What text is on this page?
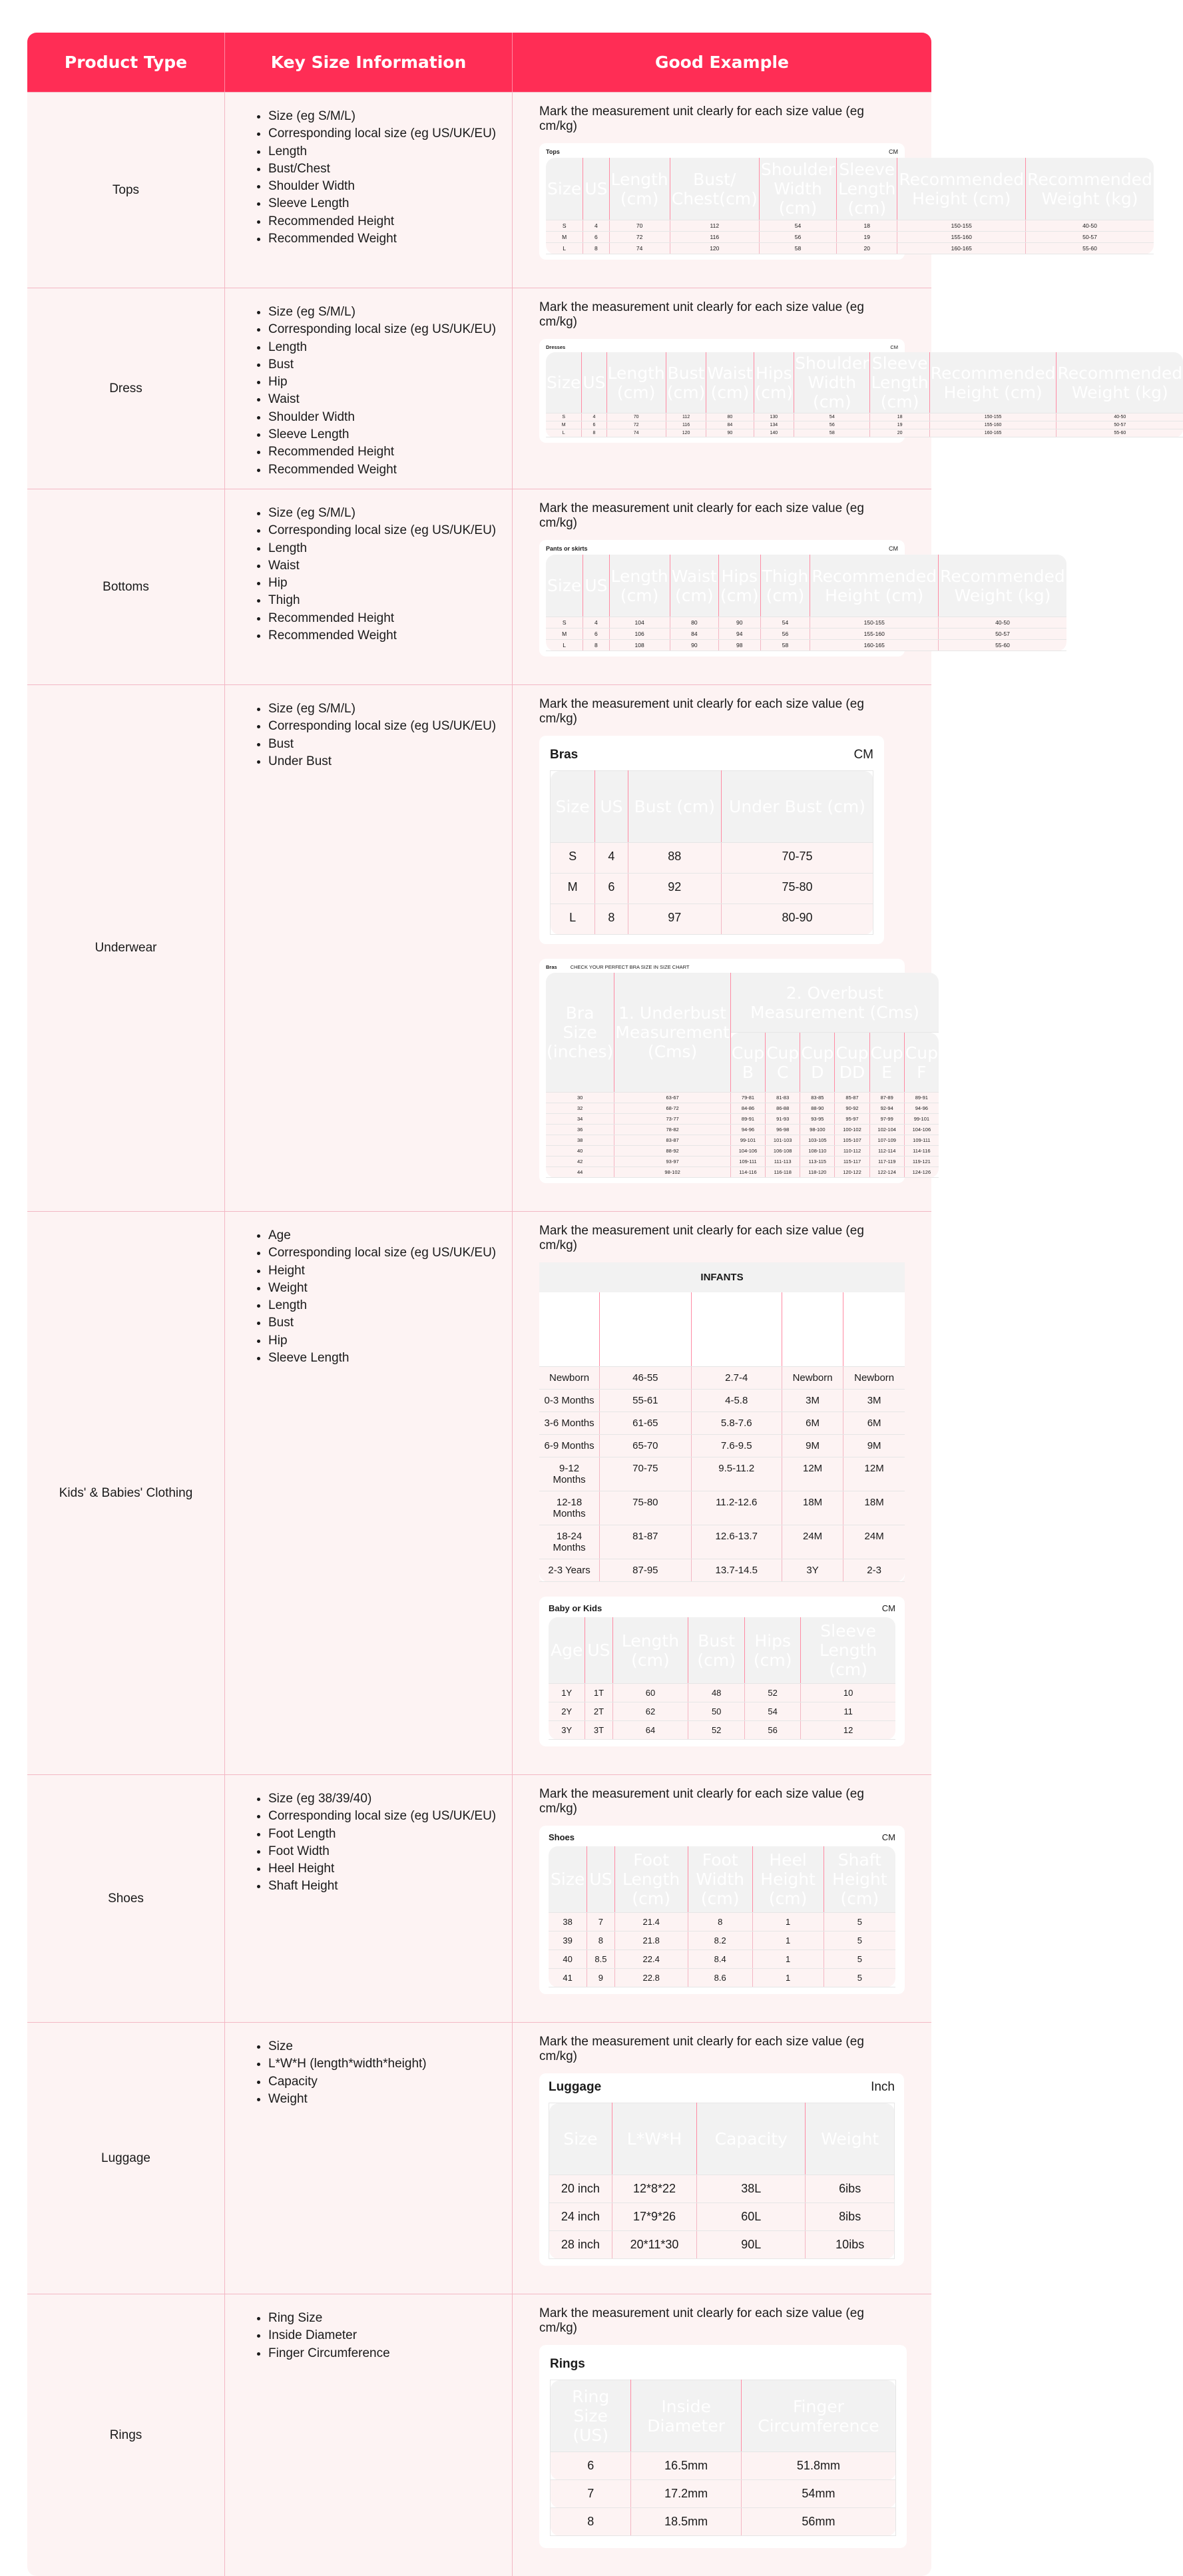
Product Type	Key Size Information	Good Example
Tops	
• Size (eg S/M/L)
• Corresponding local size (eg US/UK/EU)
• Length
• Bust/Chest
• Shoulder Width
• Sleeve Length
• Recommended Height
• Recommended Weight

Mark the measurement unit clearly for each size value (eg cm/kg)

Tops	CM
Size	US	Length (cm)	Bust/ Chest(cm)	Shoulder Width (cm)	Sleeve Length (cm)	Recommended Height (cm)	Recommended Weight (kg)
S	4	70	112	54	18	150-155	40-50
M	6	72	116	56	19	155-160	50-57
L	8	74	120	58	20	160-165	55-60

Dress	
• Size (eg S/M/L)
• Corresponding local size (eg US/UK/EU)
• Length
• Bust
• Hip
• Waist
• Shoulder Width
• Sleeve Length
• Recommended Height
• Recommended Weight

Mark the measurement unit clearly for each size value (eg cm/kg)

Dresses	CM
Size	US	Length (cm)	Bust (cm)	Waist (cm)	Hips (cm)	Shoulder Width (cm)	Sleeve Length (cm)	Recommended Height (cm)	Recommended Weight (kg)
S	4	70	112	80	130	54	18	150-155	40-50
M	6	72	116	84	134	56	19	155-160	50-57
L	8	74	120	90	140	58	20	160-165	55-60

Bottoms	
• Size (eg S/M/L)
• Corresponding local size (eg US/UK/EU)
• Length
• Waist
• Hip
• Thigh
• Recommended Height
• Recommended Weight

Mark the measurement unit clearly for each size value (eg cm/kg)

Pants or skirts	CM
Size	US	Length (cm)	Waist (cm)	Hips (cm)	Thigh (cm)	Recommended Height (cm)	Recommended Weight (kg)
S	4	104	80	90	54	150-155	40-50
M	6	106	84	94	56	155-160	50-57
L	8	108	90	98	58	160-165	55-60

Underwear	
• Size (eg S/M/L)
• Corresponding local size (eg US/UK/EU)
• Bust
• Under Bust

Mark the measurement unit clearly for each size value (eg cm/kg)

Bras	CM
Size	US	Bust (cm)	Under Bust (cm)
S	4	88	70-75
M	6	92	75-80
L	8	97	80-90
Bras	CHECK YOUR PERFECT BRA SIZE IN SIZE CHART
Bra Size (inches)	1. Underbust Measurement (Cms)	2. Overbust Measurement (Cms)
Cup B	Cup C	Cup D	Cup DD	Cup E	Cup F
30	63-67	79-81	81-83	83-85	85-87	87-89	89-91
32	68-72	84-86	86-88	88-90	90-92	92-94	94-96
34	73-77	89-91	91-93	93-95	95-97	97-99	99-101
36	78-82	94-96	96-98	98-100	100-102	102-104	104-106
38	83-87	99-101	101-103	103-105	105-107	107-109	109-111
40	88-92	104-106	106-108	108-110	110-112	112-114	114-116
42	93-97	109-111	111-113	113-115	115-117	117-119	119-121
44	98-102	114-116	116-118	118-120	120-122	122-124	124-126

Kids' & Babies' Clothing	
• Age
• Corresponding local size (eg US/UK/EU)
• Height
• Weight
• Length
• Bust
• Hip
• Sleeve Length

Mark the measurement unit clearly for each size value (eg cm/kg)

INFANTS
age	Height (cm)	Weight (kg)	US Size	UK Size
Newborn	46-55	2.7-4	Newborn	Newborn
0-3 Months	55-61	4-5.8	3M	3M
3-6 Months	61-65	5.8-7.6	6M	6M
6-9 Months	65-70	7.6-9.5	9M	9M
9-12 Months	70-75	9.5-11.2	12M	12M
12-18 Months	75-80	11.2-12.6	18M	18M
18-24 Months	81-87	12.6-13.7	24M	24M
2-3 Years	87-95	13.7-14.5	3Y	2-3
Baby or Kids	CM
Age	US	Length (cm)	Bust (cm)	Hips (cm)	Sleeve Length (cm)
1Y	1T	60	48	52	10
2Y	2T	62	50	54	11
3Y	3T	64	52	56	12

Shoes	
• Size (eg 38/39/40)
• Corresponding local size (eg US/UK/EU)
• Foot Length
• Foot Width
• Heel Height
• Shaft Height

Mark the measurement unit clearly for each size value (eg cm/kg)

Shoes	CM
Size	US	Foot Length (cm)	Foot Width (cm)	Heel Height (cm)	Shaft Height (cm)
38	7	21.4	8	1	5
39	8	21.8	8.2	1	5
40	8.5	22.4	8.4	1	5
41	9	22.8	8.6	1	5

Luggage	
• Size
• L*W*H (length*width*height)
• Capacity
• Weight

Mark the measurement unit clearly for each size value (eg cm/kg)

Luggage	Inch
Size	L*W*H	Capacity	Weight
20 inch	12*8*22	38L	6ibs
24 inch	17*9*26	60L	8ibs
28 inch	20*11*30	90L	10ibs

Rings	
• Ring Size
• Inside Diameter
• Finger Circumference

Mark the measurement unit clearly for each size value (eg cm/kg)

Rings
Ring Size (US)	Inside Diameter	Finger Circumference
6	16.5mm	51.8mm
7	17.2mm	54mm
8	18.5mm	56mm
